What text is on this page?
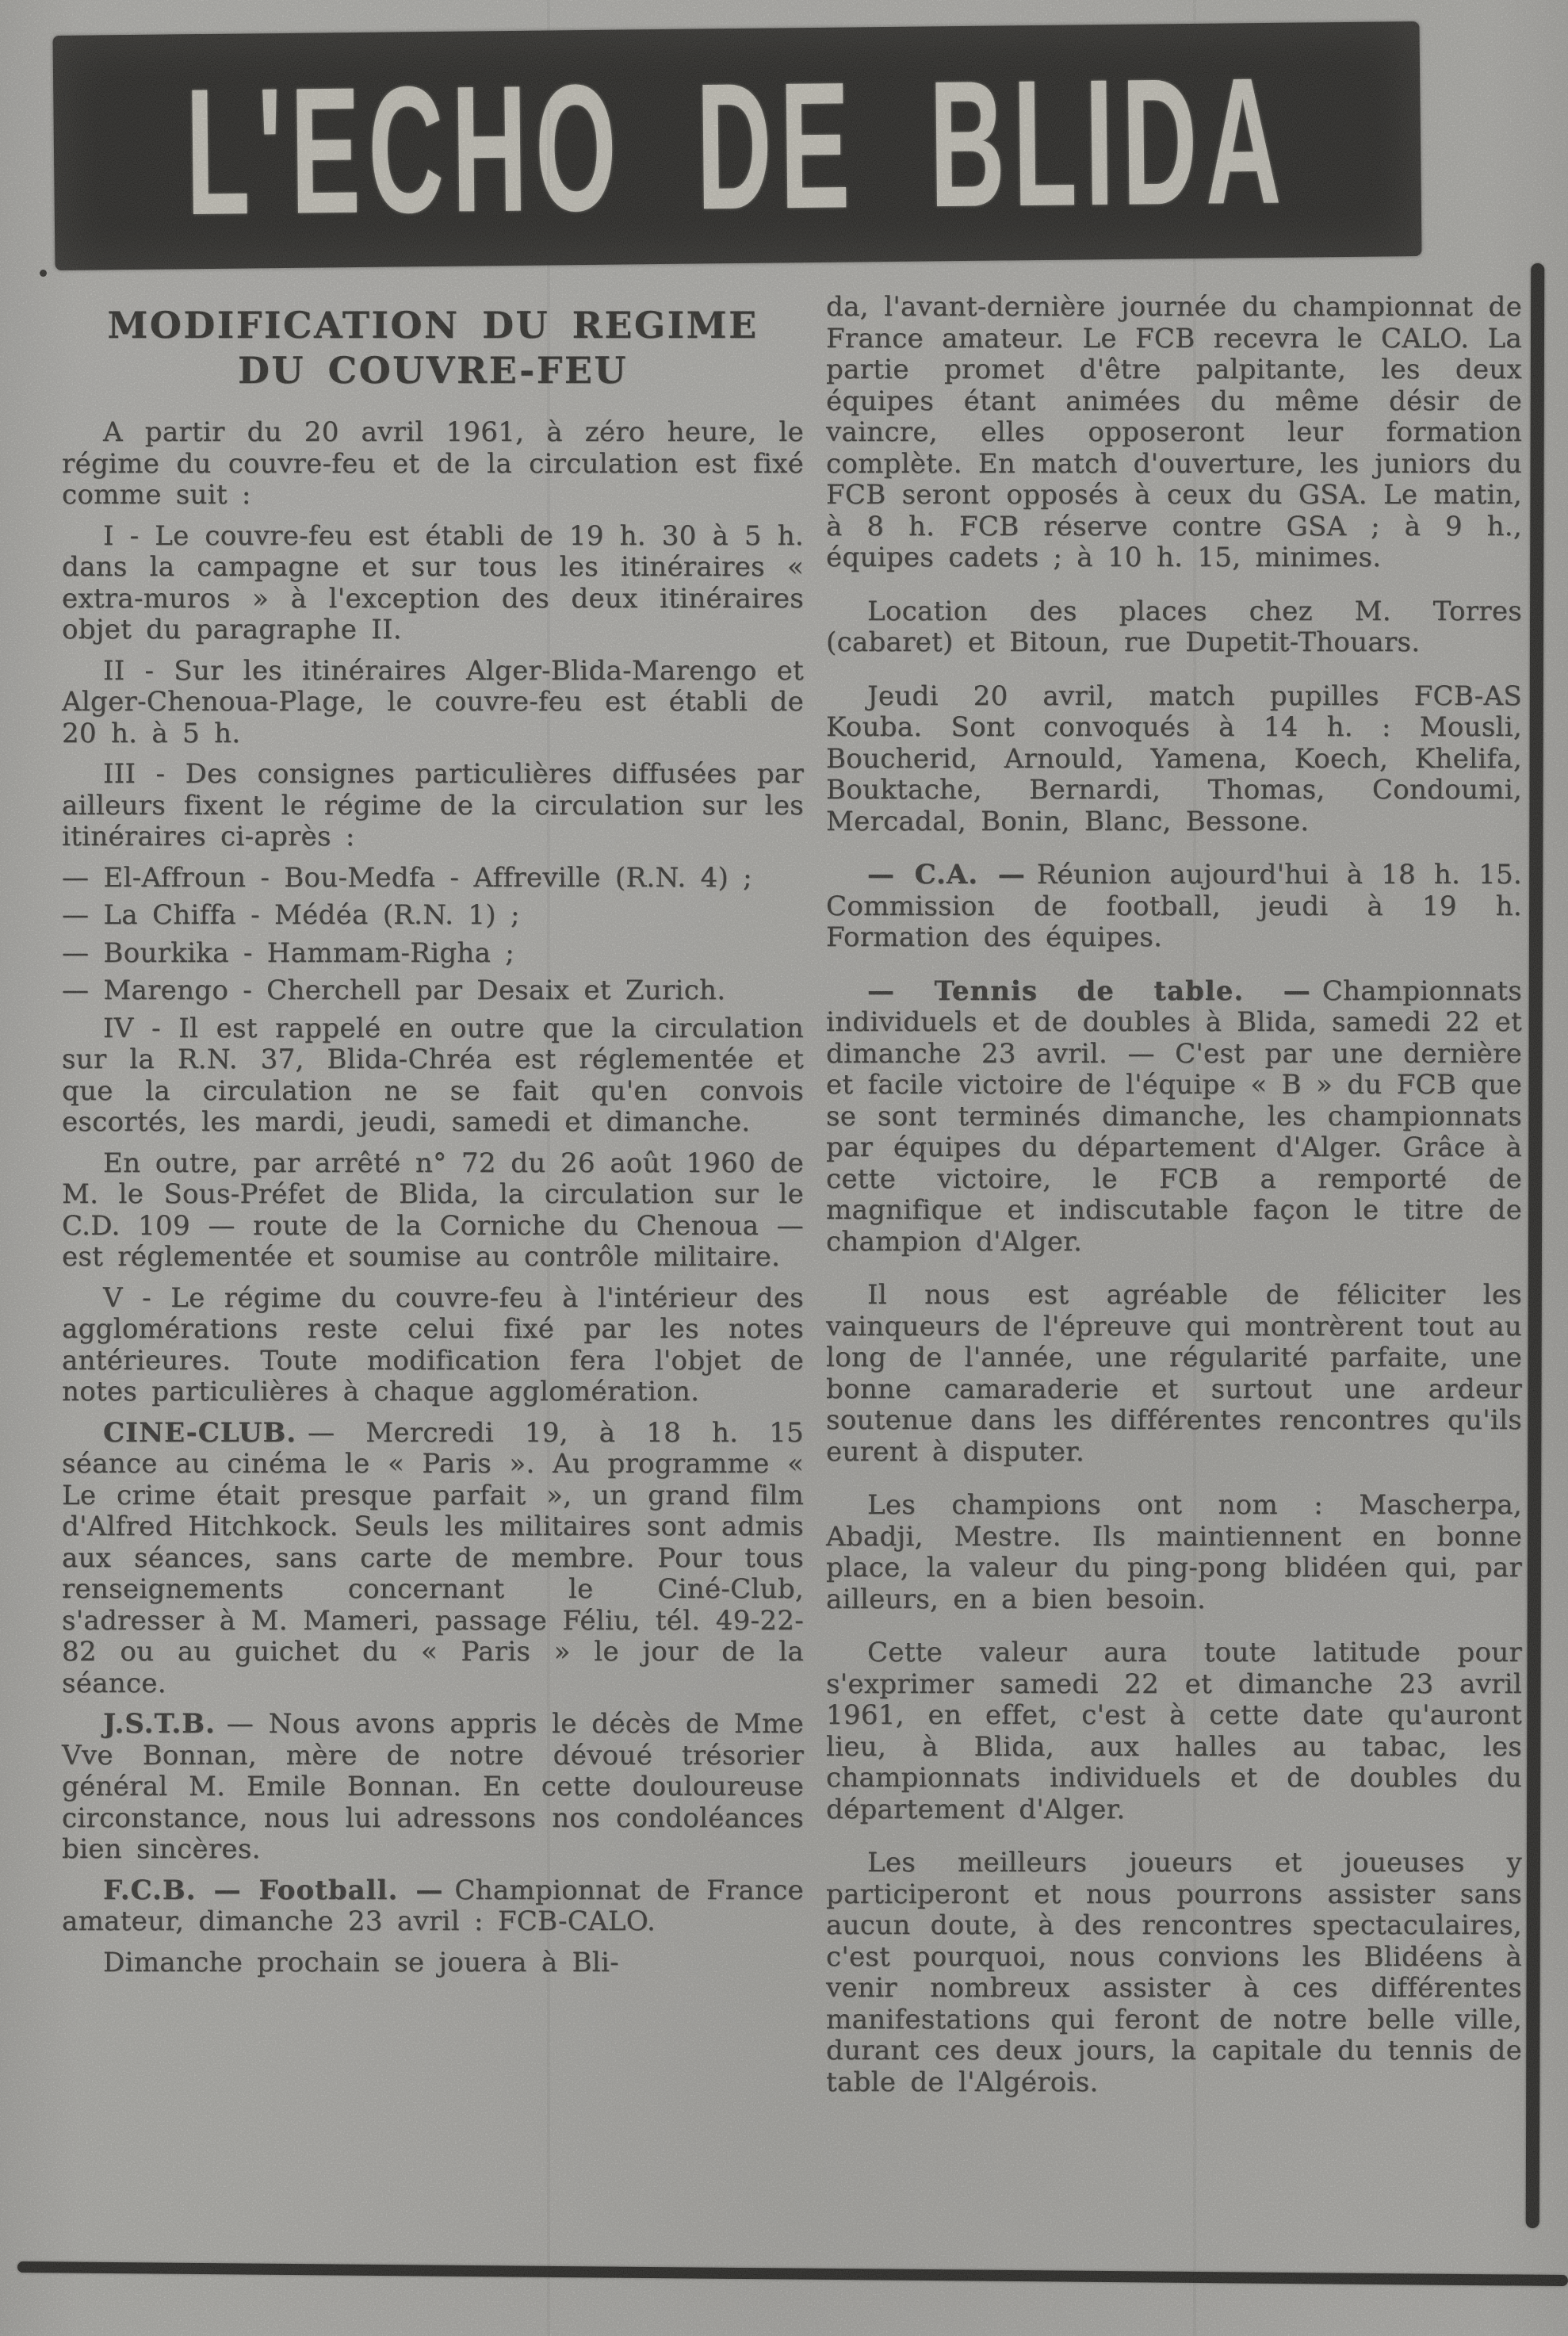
L'ECHO DE BLIDA
MODIFICATION DU REGIME
DU COUVRE-FEU

A partir du 20 avril 1961, à zéro heure, le régime du couvre-feu et de la circulation est fixé comme suit :

I - Le couvre-feu est établi de 19 h. 30 à 5 h. dans la campagne et sur tous les itinéraires « extra-muros » à l'exception des deux itinéraires objet du paragraphe II.

II - Sur les itinéraires Alger-Blida-Marengo et Alger-Chenoua-Plage, le couvre-feu est établi de 20 h. à 5 h.

III - Des consignes particulières diffusées par ailleurs fixent le régime de la circulation sur les itinéraires ci-après :

— El-Affroun - Bou-Medfa - Affreville (R.N. 4) ;

— La Chiffa - Médéa (R.N. 1) ;

— Bourkika - Hammam-Righa ;

— Marengo - Cherchell par Desaix et Zurich.

IV - Il est rappelé en outre que la circulation sur la R.N. 37, Blida-Chréa est réglementée et que la circulation ne se fait qu'en convois escortés, les mardi, jeudi, samedi et dimanche.

En outre, par arrêté n° 72 du 26 août 1960 de M. le Sous-Préfet de Blida, la circulation sur le C.D. 109 — route de la Corniche du Chenoua — est réglementée et soumise au contrôle militaire.

V - Le régime du couvre-feu à l'intérieur des agglomérations reste celui fixé par les notes antérieures. Toute modification fera l'objet de notes particulières à chaque agglomération.

CINE-CLUB. — Mercredi 19, à 18 h. 15 séance au cinéma le « Paris ». Au programme « Le crime était presque parfait », un grand film d'Alfred Hitchkock. Seuls les militaires sont admis aux séances, sans carte de membre. Pour tous renseignements concernant le Ciné-Club, s'adresser à M. Mameri, passage Féliu, tél. 49-22-82 ou au guichet du « Paris » le jour de la séance.

J.S.T.B. — Nous avons appris le décès de Mme Vve Bonnan, mère de notre dévoué trésorier général M. Emile Bonnan. En cette douloureuse circonstance, nous lui adressons nos condoléances bien sincères.

F.C.B. — Football. — Championnat de France amateur, dimanche 23 avril : FCB-CALO.

Dimanche prochain se jouera à Bli-

da, l'avant-dernière journée du championnat de France amateur. Le FCB recevra le CALO. La partie promet d'être palpitante, les deux équipes étant animées du même désir de vaincre, elles opposeront leur formation complète. En match d'ouverture, les juniors du FCB seront opposés à ceux du GSA. Le matin, à 8 h. FCB réserve contre GSA ; à 9 h., équipes cadets ; à 10 h. 15, minimes.

Location des places chez M. Torres (cabaret) et Bitoun, rue Dupetit-Thouars.

Jeudi 20 avril, match pupilles FCB-AS Kouba. Sont convoqués à 14 h. : Mousli, Boucherid, Arnould, Yamena, Koech, Khelifa, Bouktache, Bernardi, Thomas, Condoumi, Mercadal, Bonin, Blanc, Bessone.

— C.A. — Réunion aujourd'hui à 18 h. 15. Commission de football, jeudi à 19 h. Formation des équipes.

— Tennis de table. — Championnats individuels et de doubles à Blida, samedi 22 et dimanche 23 avril. — C'est par une dernière et facile victoire de l'équipe « B » du FCB que se sont terminés dimanche, les championnats par équipes du département d'Alger. Grâce à cette victoire, le FCB a remporté de magnifique et indiscutable façon le titre de champion d'Alger.

Il nous est agréable de féliciter les vainqueurs de l'épreuve qui montrèrent tout au long de l'année, une régularité parfaite, une bonne camaraderie et surtout une ardeur soutenue dans les différentes rencontres qu'ils eurent à disputer.

Les champions ont nom : Mascherpa, Abadji, Mestre. Ils maintiennent en bonne place, la valeur du ping-pong blidéen qui, par ailleurs, en a bien besoin.

Cette valeur aura toute latitude pour s'exprimer samedi 22 et dimanche 23 avril 1961, en effet, c'est à cette date qu'auront lieu, à Blida, aux halles au tabac, les championnats individuels et de doubles du département d'Alger.

Les meilleurs joueurs et joueuses y participeront et nous pourrons assister sans aucun doute, à des rencontres spectaculaires, c'est pourquoi, nous convions les Blidéens à venir nombreux assister à ces différentes manifestations qui feront de notre belle ville, durant ces deux jours, la capitale du tennis de table de l'Algérois.
